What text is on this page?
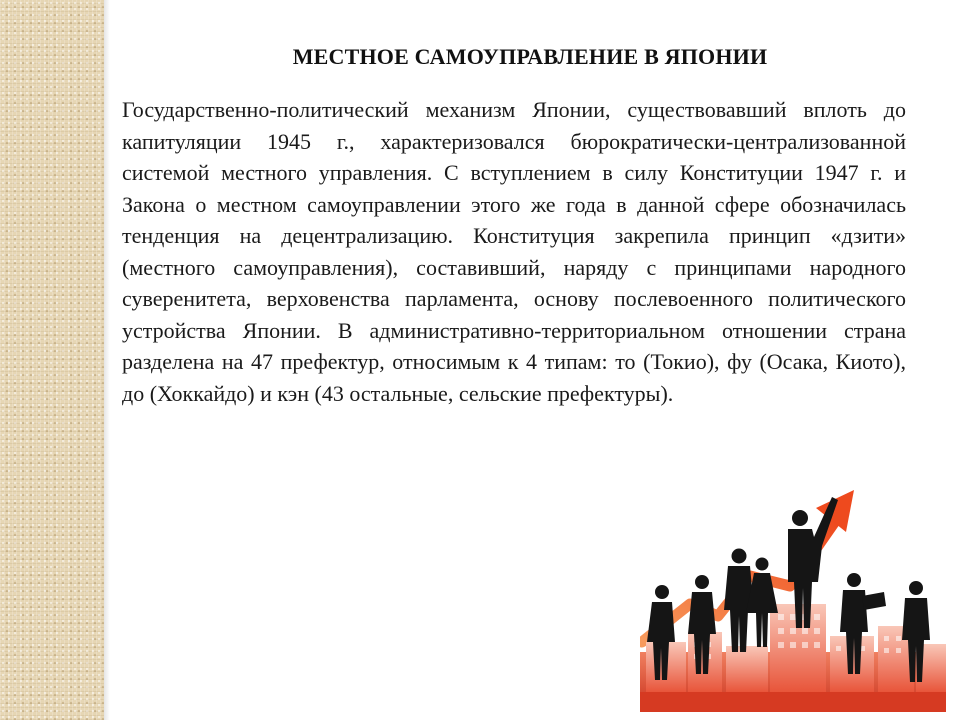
МЕСТНОЕ САМОУПРАВЛЕНИЕ В ЯПОНИИ

Государственно-политический механизм Японии, существовавший вплоть до капитуляции 1945 г., характеризовался бюрократически-централизованной системой местного управления. С вступлением в силу Конституции 1947 г. и Закона о местном самоуправлении этого же года в данной сфере обозначилась тенденция на децентрализацию. Конституция закрепила принцип «дзити» (местного самоуправления), составивший, наряду с принципами народного суверенитета, верховенства парламента, основу послевоенного политического устройства Японии. В административно-территориальном отношении страна разделена на 47 префектур, относимым к 4 типам: то (Токио), фу (Осака, Киото), до (Хоккайдо) и кэн (43 остальные, сельские префектуры).
